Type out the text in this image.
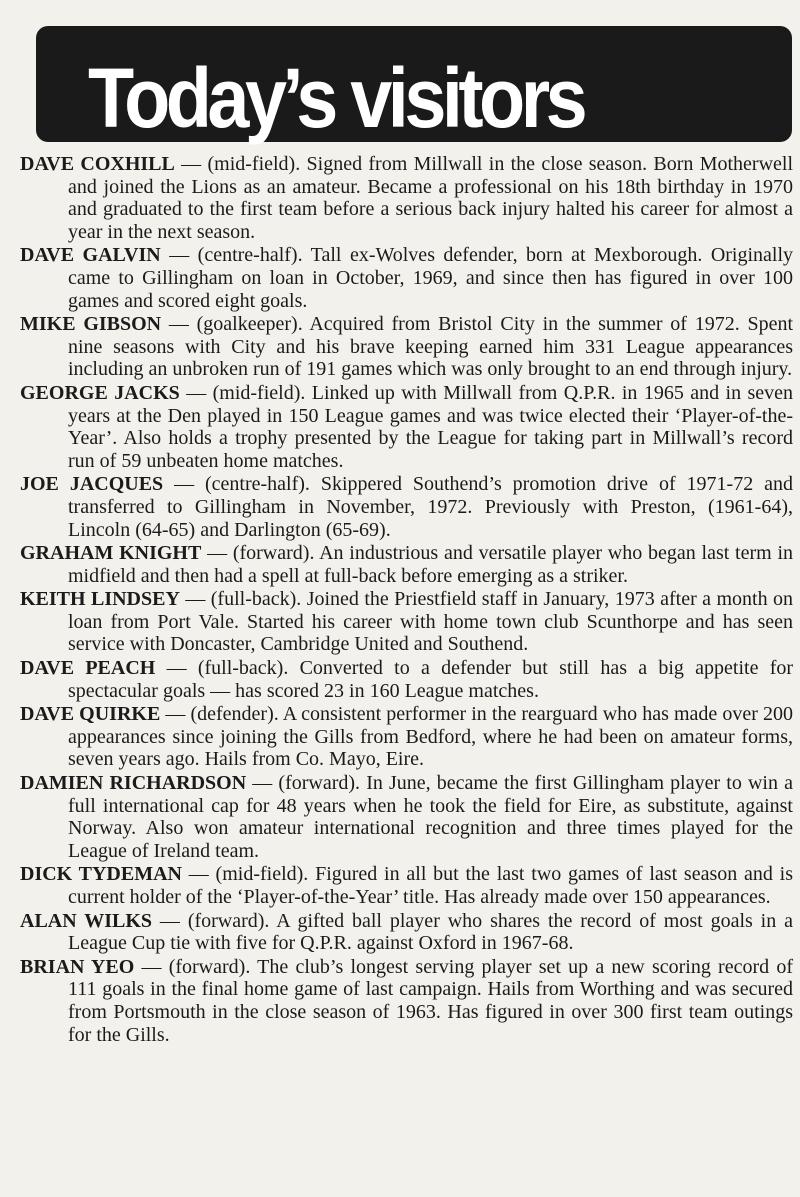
Today’s visitors

DAVE COXHILL — (mid-field). Signed from Millwall in the close season. Born Motherwell and joined the Lions as an amateur. Became a professional on his 18th birthday in 1970 and graduated to the first team before a serious back injury halted his career for almost a year in the next season.

DAVE GALVIN — (centre-half). Tall ex-Wolves defender, born at Mexborough. Originally came to Gillingham on loan in October, 1969, and since then has figured in over 100 games and scored eight goals.

MIKE GIBSON — (goalkeeper). Acquired from Bristol City in the summer of 1972. Spent nine seasons with City and his brave keeping earned him 331 League appearances including an unbroken run of 191 games which was only brought to an end through injury.

GEORGE JACKS — (mid-field). Linked up with Millwall from Q.P.R. in 1965 and in seven years at the Den played in 150 League games and was twice elected their ‘Player-of-the-Year’. Also holds a trophy presented by the League for taking part in Millwall’s record run of 59 unbeaten home matches.

JOE JACQUES — (centre-half). Skippered Southend’s promotion drive of 1971-72 and transferred to Gillingham in November, 1972. Previously with Preston, (1961-64), Lincoln (64-65) and Darlington (65-69).

GRAHAM KNIGHT — (forward). An industrious and versatile player who began last term in midfield and then had a spell at full-back before emerging as a striker.

KEITH LINDSEY — (full-back). Joined the Priestfield staff in January, 1973 after a month on loan from Port Vale. Started his career with home town club Scunthorpe and has seen service with Doncaster, Cambridge United and Southend.

DAVE PEACH — (full-back). Converted to a defender but still has a big appetite for spectacular goals — has scored 23 in 160 League matches.

DAVE QUIRKE — (defender). A consistent performer in the rearguard who has made over 200 appearances since joining the Gills from Bedford, where he had been on amateur forms, seven years ago. Hails from Co. Mayo, Eire.

DAMIEN RICHARDSON — (forward). In June, became the first Gillingham player to win a full international cap for 48 years when he took the field for Eire, as substitute, against Norway. Also won amateur international recognition and three times played for the League of Ireland team.

DICK TYDEMAN — (mid-field). Figured in all but the last two games of last season and is current holder of the ‘Player-of-the-Year’ title. Has already made over 150 appearances.

ALAN WILKS — (forward). A gifted ball player who shares the record of most goals in a League Cup tie with five for Q.P.R. against Oxford in 1967-68.

BRIAN YEO — (forward). The club’s longest serving player set up a new scoring record of 111 goals in the final home game of last campaign. Hails from Worthing and was secured from Portsmouth in the close season of 1963. Has figured in over 300 first team outings for the Gills.
